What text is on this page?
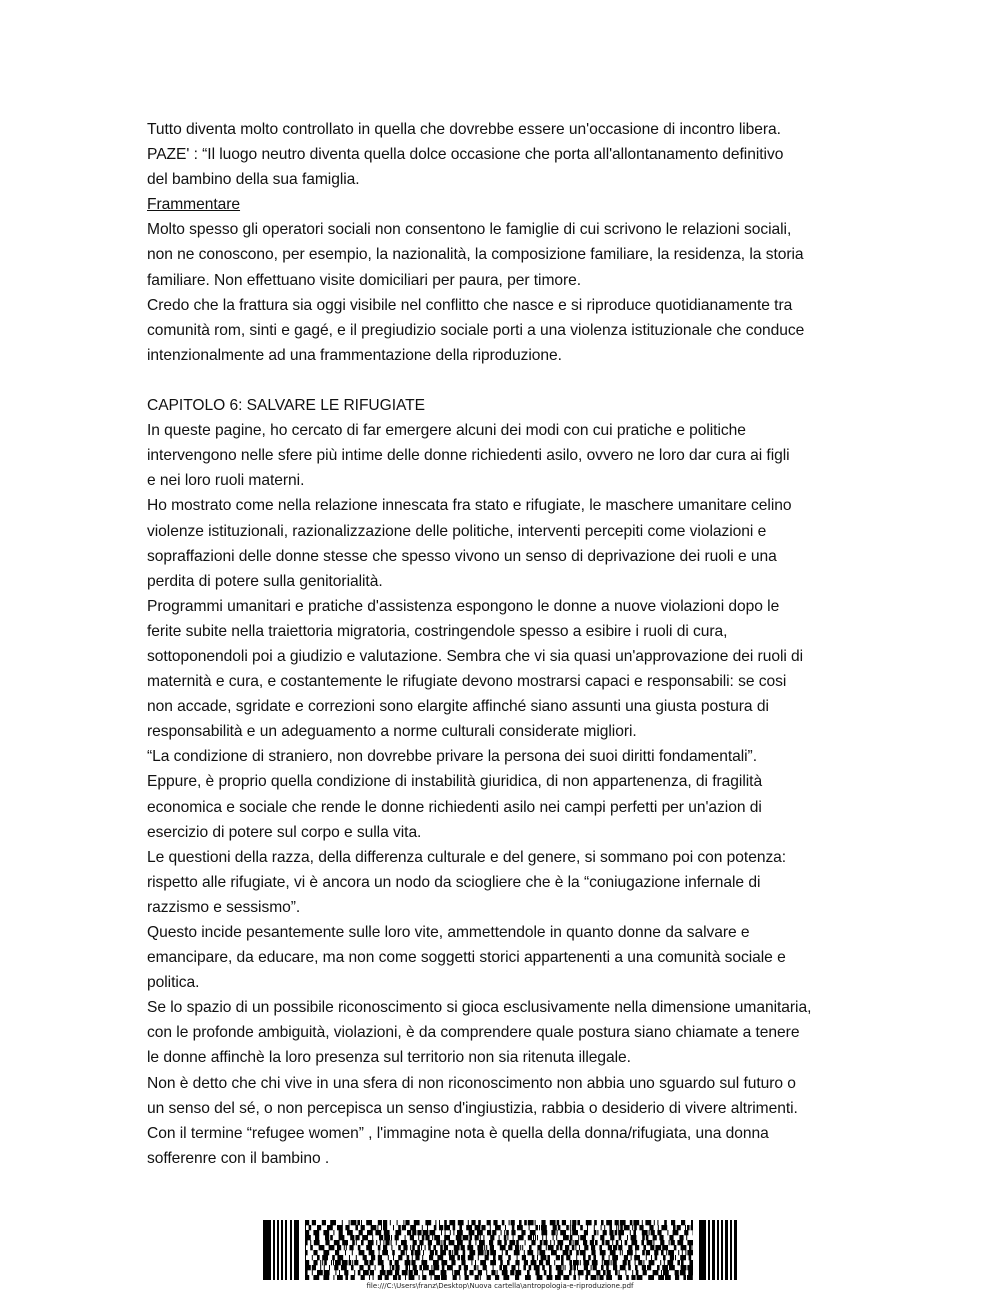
Tutto diventa molto controllato in quella che dovrebbe essere un'occasione di incontro libera.
PAZE' : “Il luogo neutro diventa quella dolce occasione che porta all'allontanamento definitivo
del bambino della sua famiglia.
Frammentare
Molto spesso gli operatori sociali non consentono le famiglie di cui scrivono le relazioni sociali,
non ne conoscono, per esempio, la nazionalità, la composizione familiare, la residenza, la storia
familiare. Non effettuano visite domiciliari per paura, per timore.
Credo che la frattura sia oggi visibile nel conflitto che nasce e si riproduce quotidianamente tra
comunità rom, sinti e gagé, e il pregiudizio sociale porti a una violenza istituzionale che conduce
intenzionalmente ad una frammentazione della riproduzione.
CAPITOLO 6: SALVARE LE RIFUGIATE
In queste pagine, ho cercato di far emergere alcuni dei modi con cui pratiche e politiche
intervengono nelle sfere più intime delle donne richiedenti asilo, ovvero ne loro dar cura ai figli
e nei loro ruoli materni.
Ho mostrato come nella relazione innescata fra stato e rifugiate, le maschere umanitare celino
violenze istituzionali, razionalizzazione delle politiche, interventi percepiti come violazioni e
sopraffazioni delle donne stesse che spesso vivono un senso di deprivazione dei ruoli e una
perdita di potere sulla genitorialità.
Programmi umanitari e pratiche d'assistenza espongono le donne a nuove violazioni dopo le
ferite subite nella traiettoria migratoria, costringendole spesso a esibire i ruoli di cura,
sottoponendoli poi a giudizio e valutazione. Sembra che vi sia quasi un'approvazione dei ruoli di
maternità e cura, e costantemente le rifugiate devono mostrarsi capaci e responsabili: se cosi
non accade, sgridate e correzioni sono elargite affinché siano assunti una giusta postura di
responsabilità e un adeguamento a norme culturali considerate migliori.
“La condizione di straniero, non dovrebbe privare la persona dei suoi diritti fondamentali”.
Eppure, è proprio quella condizione di instabilità giuridica, di non appartenenza, di fragilità
economica e sociale che rende le donne richiedenti asilo nei campi perfetti per un'azion di
esercizio di potere sul corpo e sulla vita.
Le questioni della razza, della differenza culturale e del genere, si sommano poi con potenza:
rispetto alle rifugiate, vi è ancora un nodo da sciogliere che è la “coniugazione infernale di
razzismo e sessismo”.
Questo incide pesantemente sulle loro vite, ammettendole in quanto donne da salvare e
emancipare, da educare, ma non come soggetti storici appartenenti a una comunità sociale e
politica.
Se lo spazio di un possibile riconoscimento si gioca esclusivamente nella dimensione umanitaria,
con le profonde ambiguità, violazioni, è da comprendere quale postura siano chiamate a tenere
le donne affinchè la loro presenza sul territorio non sia ritenuta illegale.
Non è detto che chi vive in una sfera di non riconoscimento non abbia uno sguardo sul futuro o
un senso del sé, o non percepisca un senso d'ingiustizia, rabbia o desiderio di vivere altrimenti.
Con il termine “refugee women” , l'immagine nota è quella della donna/rifugiata, una donna
sofferenre con il bambino .
file:///C:\Users\franz\Desktop\Nuova cartella\antropologia-e-riproduzione.pdf
